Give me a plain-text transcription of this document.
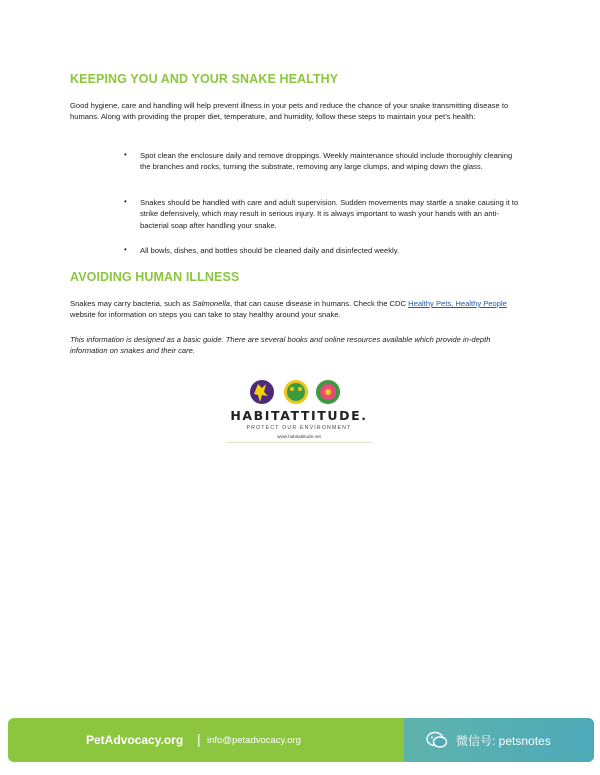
KEEPING YOU AND YOUR SNAKE HEALTHY

Good hygiene, care and handling will help prevent illness in your pets and reduce the chance of your snake transmitting disease to humans. Along with providing the proper diet, temperature, and humidity, follow these steps to maintain your pet’s health:

• Spot clean the enclosure daily and remove droppings. Weekly maintenance should include thoroughly cleaning the branches and rocks, turning the substrate, removing any large clumps, and wiping down the glass.
• Snakes should be handled with care and adult supervision. Sudden movements may startle a snake causing it to strike defensively, which may result in serious injury. It is always important to wash your hands with an anti-bacterial soap after handling your snake.
• All bowls, dishes, and bottles should be cleaned daily and disinfected weekly.
AVOIDING HUMAN ILLNESS

Snakes may carry bacteria, such as Salmonella, that can cause disease in humans. Check the CDC Healthy Pets, Healthy People website for information on steps you can take to stay healthy around your snake.

This information is designed as a basic guide. There are several books and online resources available which provide in-depth information on snakes and their care.

HABITATTITUDE.
PROTECT OUR ENVIRONMENT
www.habitattitude.net
PetAdvocacy.org | info@petadvocacy.org	微信号: petsnotes
